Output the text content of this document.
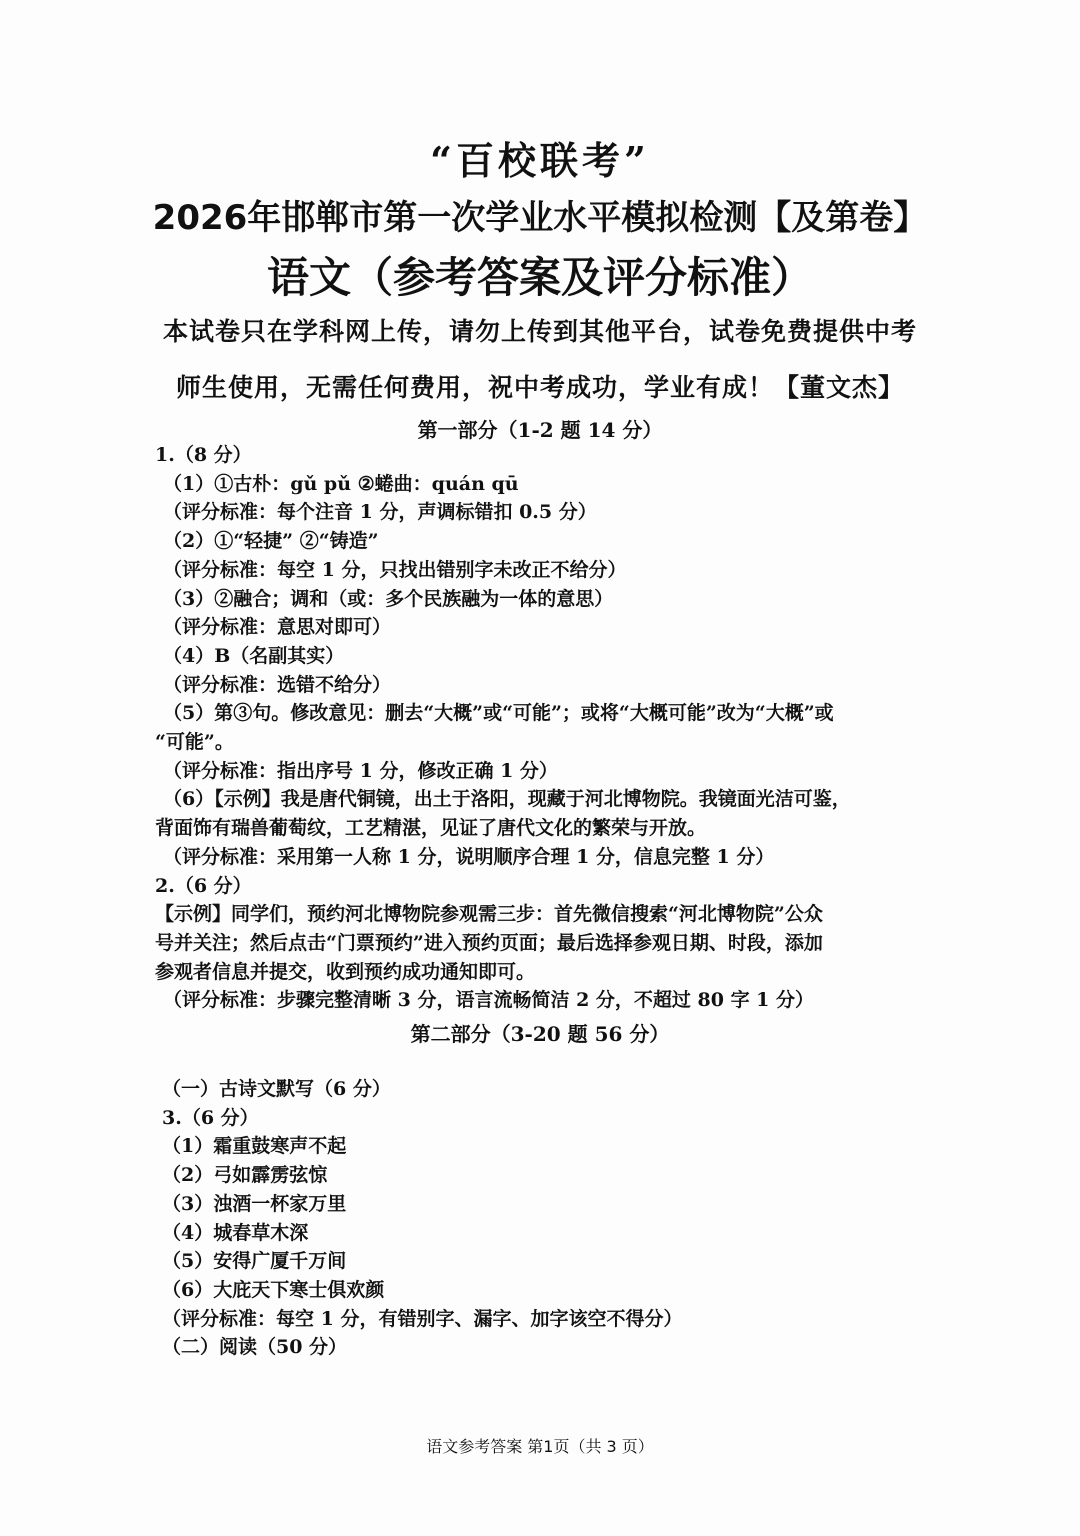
“百校联考”
2026年邯郸市第一次学业水平模拟检测【及第卷】
语文（参考答案及评分标准）
本试卷只在学科网上传，请勿上传到其他平台，试卷免费提供中考
师生使用，无需任何费用，祝中考成功，学业有成！【董文杰】
第一部分（1-2 题 14 分）
1.（8 分）
（1）①古朴：gǔ pǔ ②蜷曲：quán qū
（评分标准：每个注音 1 分，声调标错扣 0.5 分）
（2）①“轻捷” ②“铸造”
（评分标准：每空 1 分，只找出错别字未改正不给分）
（3）②融合；调和（或：多个民族融为一体的意思）
（评分标准：意思对即可）
（4）B（名副其实）
（评分标准：选错不给分）
（5）第③句。修改意见：删去“大概”或“可能”；或将“大概可能”改为“大概”或
“可能”。
（评分标准：指出序号 1 分，修改正确 1 分）
（6）【示例】我是唐代铜镜，出土于洛阳，现藏于河北博物院。我镜面光洁可鉴，
背面饰有瑞兽葡萄纹，工艺精湛，见证了唐代文化的繁荣与开放。
（评分标准：采用第一人称 1 分，说明顺序合理 1 分，信息完整 1 分）
2.（6 分）
【示例】同学们，预约河北博物院参观需三步：首先微信搜索“河北博物院”公众
号并关注；然后点击“门票预约”进入预约页面；最后选择参观日期、时段，添加
参观者信息并提交，收到预约成功通知即可。
（评分标准：步骤完整清晰 3 分，语言流畅简洁 2 分，不超过 80 字 1 分）
第二部分（3-20 题 56 分）
（一）古诗文默写（6 分）
3.（6 分）
（1）霜重鼓寒声不起
（2）弓如霹雳弦惊
（3）浊酒一杯家万里
（4）城春草木深
（5）安得广厦千万间
（6）大庇天下寒士俱欢颜
（评分标准：每空 1 分，有错别字、漏字、加字该空不得分）
（二）阅读（50 分）
语文参考答案 第1页（共 3 页）
